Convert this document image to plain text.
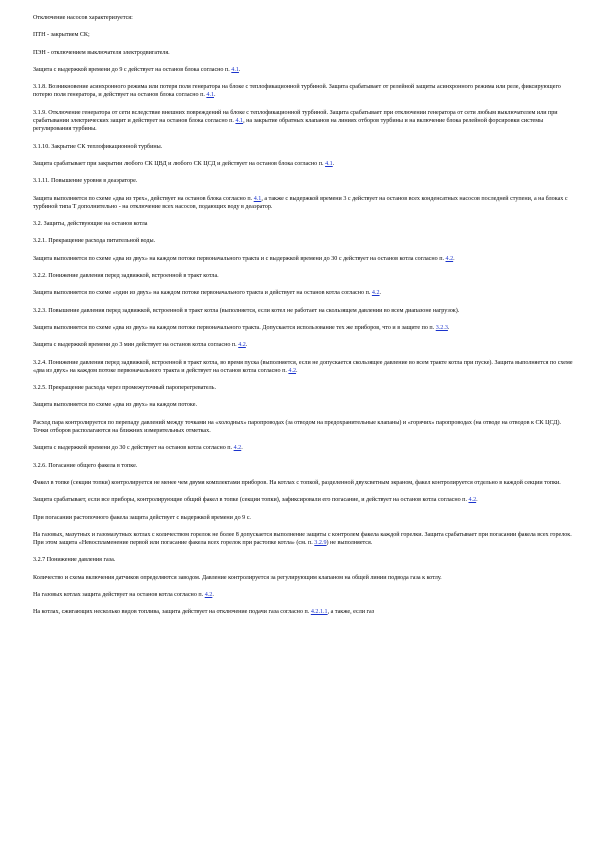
Отключение насосов характеризуется:

ПТН - закрытием СК;

ПЭН - отключением выключателя электродвигателя.

Защита с выдержкой времени до 9 с действует на останов блока согласно п. 4.1.

3.1.8. Возникновение асинхронного режима или потеря поля генератора на блоке с теплофикационной турбиной. Защита срабатывает от релейной защиты асинхронного режима или реле, фиксирующего потерю поля генератора, и действует на останов блока согласно п. 4.1.

3.1.9. Отключение генератора от сети вследствие внешних повреждений на блоке с теплофикационной турбиной. Защита срабатывает при отключении генератора от сети любым выключателем или при срабатывании электрических защит и действует на останов блока согласно п. 4.1, на закрытие обратных клапанов на линиях отборов турбины и на включение блока релейной форсировки системы регулирования турбины.

3.1.10. Закрытие СК теплофикационной турбины.

Защита срабатывает при закрытии любого СК ЦВД и любого СК ЦСД и действует на останов блока согласно п. 4.1.

3.1.11. Повышение уровня в деаэраторе.

Защита выполняется по схеме «два из трех», действует на останов блока согласно п. 4.1, а также с выдержкой времени 3 с действует на останов всех конденсатных насосов последней ступени, а на блоках с турбиной типа Т дополнительно - на отключение всех насосов, подающих воду в деаэратор.

3.2. Защиты, действующие на останов котла

3.2.1. Прекращение расхода питательной воды.

Защита выполняется по схеме «два из двух» на каждом потоке первоначального тракта и с выдержкой времени до 30 с действует на останов котла согласно п. 4.2.

3.2.2. Понижение давления перед задвижкой, встроенной в тракт котла.

Защита выполняется по схеме «один из двух» на каждом потоке первоначального тракта и действует на останов котла согласно п. 4.2.

3.2.3. Повышение давления перед задвижкой, встроенной в тракт котла (выполняется, если котел не работает на скользящем давлении во всем диапазоне нагрузок).

Защита выполняется по схеме «два из двух» на каждом потоке первоначального тракта. Допускается использование тех же приборов, что и в защите по п. 3.2.3.

Защита с выдержкой времени до 3 мин действует на останов котла согласно п. 4.2.

3.2.4. Понижение давления перед задвижкой, встроенной в тракт котла, во время пуска (выполняется, если не допускается скользящее давление во всем тракте котла при пуске). Защита выполняется по схеме «два из двух» на каждом потоке первоначального тракта и действует на останов котла согласно п. 4.2.

3.2.5. Прекращение расхода через промежуточный пароперегреватель.

Защита выполняется по схеме «два из двух» на каждом потоке.

Расход пара контролируется по перепаду давлений между точками на «холодных» паропроводах (за отводом на предохранительные клапаны) и «горячих» паропроводах (на отводе на отводов к СК ЦСД). Точки отборов располагаются на ближних измерительных отметках.

Защита с выдержкой времени до 30 с действует на останов котла согласно п. 4.2.

3.2.6. Погасание общего факела в топке.

Факел в топке (секции топки) контролируется не менее чем двумя комплектами приборов. На котлах с топкой, разделенной двухсветным экраном, факел контролируется отдельно в каждой секции топки.

Защита срабатывает, если все приборы, контролирующие общий факел в топке (секции топки), зафиксировали его погасание, и действует на останов котла согласно п. 4.2.

При погасании растопочного факела защита действует с выдержкой времени до 9 с.

На газовых, мазутных и газомазутных котлах с количеством горелок не более 8 допускается выполнение защиты с контролем факела каждой горелки. Защита срабатывает при погасании факела всех горелок. При этом защита «Невоспламенение первой или погасание факела всех горелок при растопке котла» (см. п. 3.2.9) не выполняется.

3.2.7 Понижение давления газа.

Количество и схема включения датчиков определяются заводом. Давление контролируется за регулирующим клапаном на общей линии подвода газа к котлу.

На газовых котлах защита действует на останов котла согласно п. 4.2.

На котлах, сжигающих несколько видов топлива, защита действует на отключение подачи газа согласно п. 4.2.1.1, а также, если газ
